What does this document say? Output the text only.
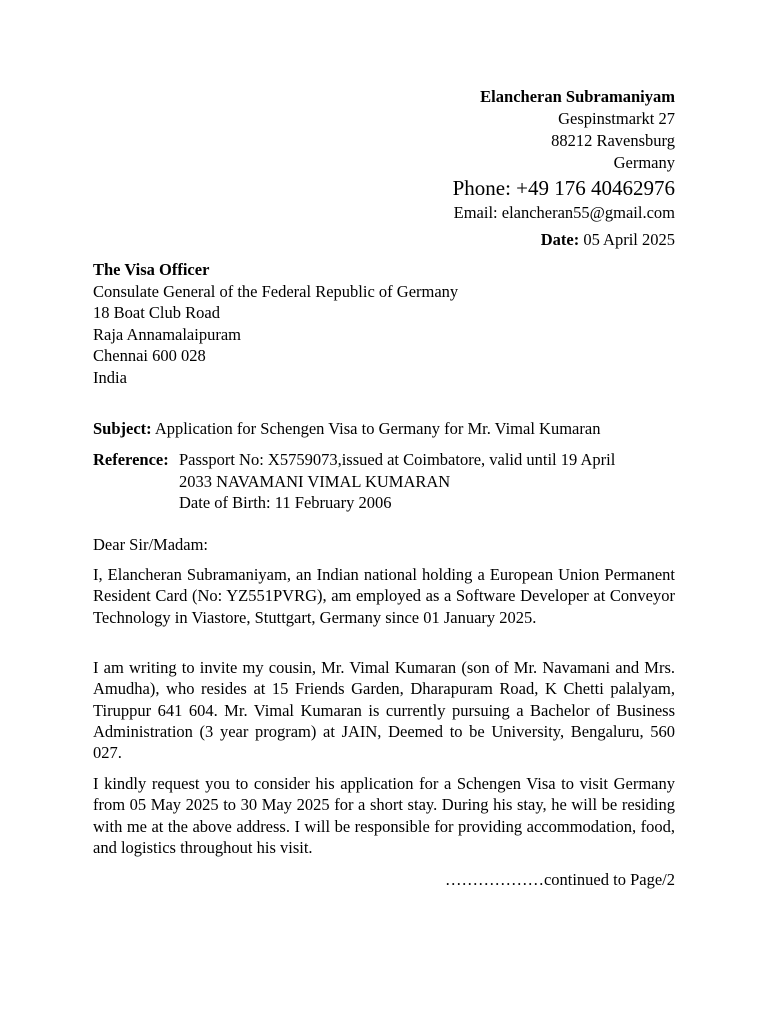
Elancheran Subramaniyam
Gespinstmarkt 27
88212 Ravensburg
Germany
Phone: +49 176 40462976
Email: elancheran55@gmail.com
Date: 05 April 2025
The Visa Officer
Consulate General of the Federal Republic of Germany
18 Boat Club Road
Raja Annamalaipuram
Chennai 600 028
India
Subject: Application for Schengen Visa to Germany for Mr. Vimal Kumaran
Reference: Passport No: X5759073,issued at Coimbatore, valid until 19 April
2033 NAVAMANI VIMAL KUMARAN
Date of Birth: 11 February 2006
Dear Sir/Madam:
I, Elancheran Subramaniyam, an Indian national holding a European Union Permanent Resident Card (No: YZ551PVRG), am employed as a Software Developer at Conveyor Technology in Viastore, Stuttgart, Germany since 01 January 2025.
I am writing to invite my cousin, Mr. Vimal Kumaran (son of Mr. Navamani and Mrs. Amudha), who resides at 15 Friends Garden, Dharapuram Road, K Chetti palalyam, Tiruppur 641 604. Mr. Vimal Kumaran is currently pursuing a Bachelor of Business Administration (3 year program) at JAIN, Deemed to be University, Bengaluru, 560 027.
I kindly request you to consider his application for a Schengen Visa to visit Germany from 05 May 2025 to 30 May 2025 for a short stay. During his stay, he will be residing with me at the above address. I will be responsible for providing accommodation, food, and logistics throughout his visit.
………………continued to Page/2
